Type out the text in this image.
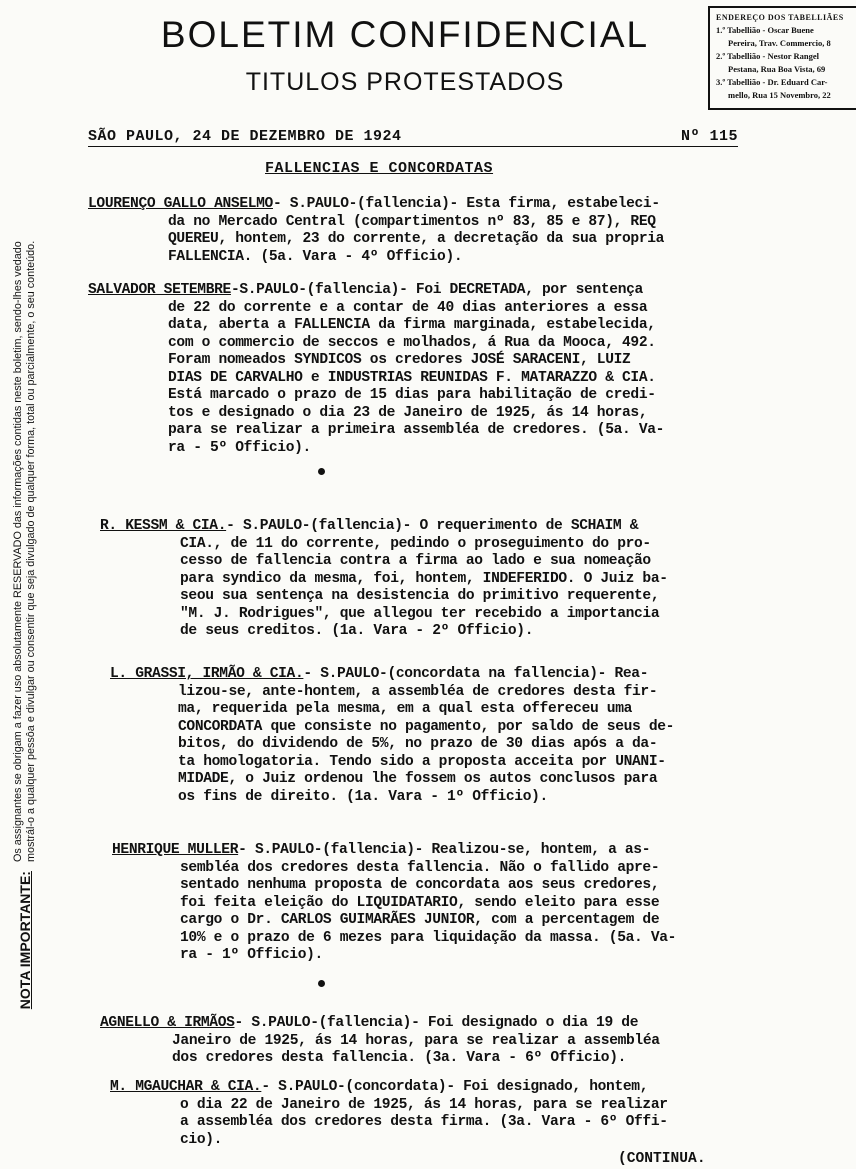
BOLETIM CONFIDENCIAL
TITULOS PROTESTADOS
ENDEREÇO DOS TABELLIÃES
1.º Tabellião - Oscar Buene
Pereira, Trav. Commercio, 8
2.º Tabellião - Nestor Rangel
Pestana, Rua Boa Vista, 69
3.º Tabellião - Dr. Eduard Car-
mello, Rua 15 Novembro, 22
SÃO PAULO, 24 DE DEZEMBRO DE 1924	Nº 115
FALLENCIAS E CONCORDATAS
LOURENÇO GALLO ANSELMO- S.PAULO-(fallencia)- Esta firma, estabeleci-
da no Mercado Central (compartimentos nº 83, 85 e 87), REQ
QUEREU, hontem, 23 do corrente, a decretação da sua propria
FALLENCIA. (5a. Vara - 4º Officio).
SALVADOR SETEMBRE-S.PAULO-(fallencia)- Foi DECRETADA, por sentença
de 22 do corrente e a contar de 40 dias anteriores a essa
data, aberta a FALLENCIA da firma marginada, estabelecida,
com o commercio de seccos e molhados, á Rua da Mooca, 492.
Foram nomeados SYNDICOS os credores JOSÉ SARACENI, LUIZ
DIAS DE CARVALHO e INDUSTRIAS REUNIDAS F. MATARAZZO & CIA.
Está marcado o prazo de 15 dias para habilitação de credi-
tos e designado o dia 23 de Janeiro de 1925, ás 14 horas,
para se realizar a primeira assembléa de credores. (5a. Va-
ra - 5º Officio).
R. KESSM & CIA.- S.PAULO-(fallencia)- O requerimento de SCHAIM &
CIA., de 11 do corrente, pedindo o proseguimento do pro-
cesso de fallencia contra a firma ao lado e sua nomeação
para syndico da mesma, foi, hontem, INDEFERIDO. O Juiz ba-
seou sua sentença na desistencia do primitivo requerente,
"M. J. Rodrigues", que allegou ter recebido a importancia
de seus creditos. (1a. Vara - 2º Officio).
L. GRASSI, IRMÃO & CIA.- S.PAULO-(concordata na fallencia)- Rea-
lizou-se, ante-hontem, a assembléa de credores desta fir-
ma, requerida pela mesma, em a qual esta offereceu uma
CONCORDATA que consiste no pagamento, por saldo de seus de-
bitos, do dividendo de 5%, no prazo de 30 dias após a da-
ta homologatoria. Tendo sido a proposta acceita por UNANI-
MIDADE, o Juiz ordenou lhe fossem os autos conclusos para
os fins de direito. (1a. Vara - 1º Officio).
HENRIQUE MULLER- S.PAULO-(fallencia)- Realizou-se, hontem, a as-
sembléa dos credores desta fallencia. Não o fallido apre-
sentado nenhuma proposta de concordata aos seus credores,
foi feita eleição do LIQUIDATARIO, sendo eleito para esse
cargo o Dr. CARLOS GUIMARÃES JUNIOR, com a percentagem de
10% e o prazo de 6 mezes para liquidação da massa. (5a. Va-
ra - 1º Officio).
AGNELLO & IRMÃOS- S.PAULO-(fallencia)- Foi designado o dia 19 de
Janeiro de 1925, ás 14 horas, para se realizar a assembléa
dos credores desta fallencia. (3a. Vara - 6º Officio).
M. MGAUCHAR & CIA.- S.PAULO-(concordata)- Foi designado, hontem,
o dia 22 de Janeiro de 1925, ás 14 horas, para se realizar
a assembléa dos credores desta firma. (3a. Vara - 6º Offi-
cio).
(CONTINUA.
NOTA IMPORTANTE:
Os assignantes se obrigam a fazer uso absolutamente RESERVADO das informações contidas neste boletim, sendo-lhes vedado mostrál-o a qualquer pessôa e divulgar ou consentir que seja divulgado de qualquer forma, total ou parcialmente, o seu conteúdo.
